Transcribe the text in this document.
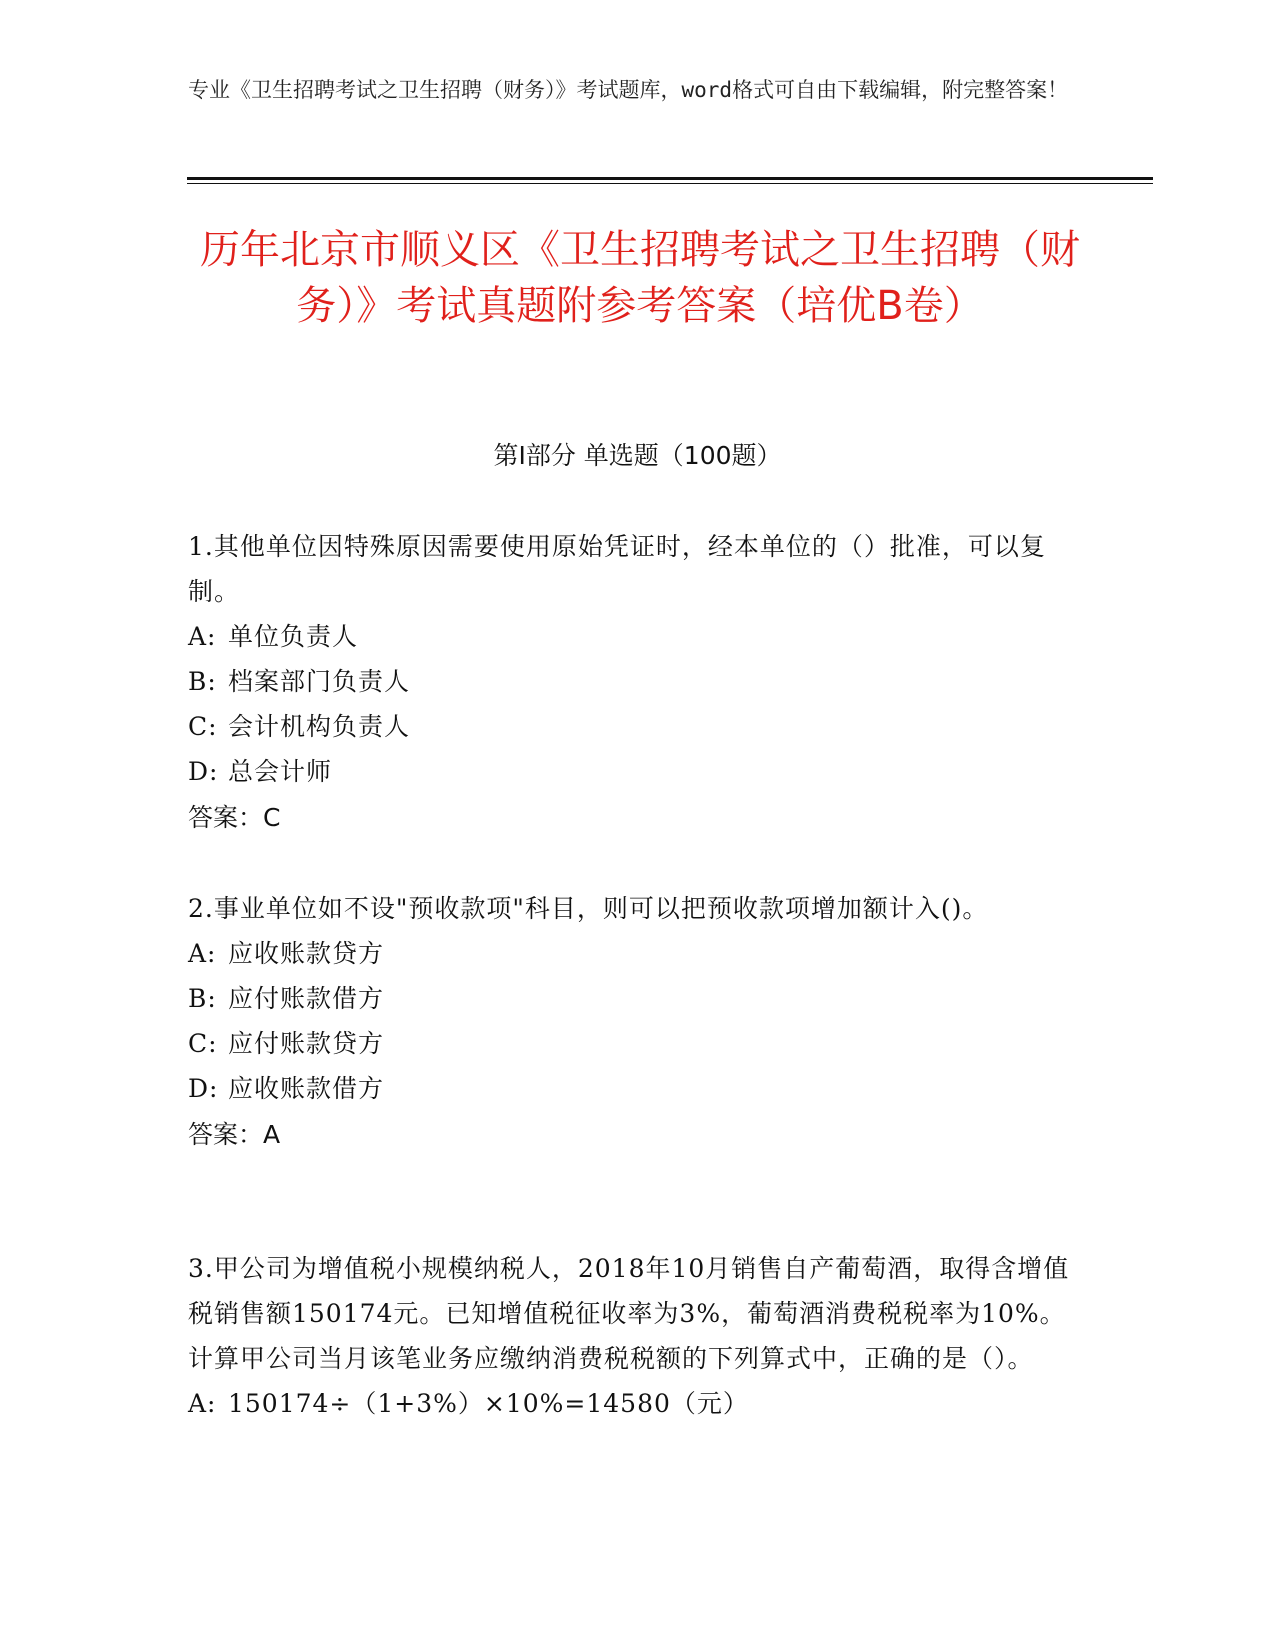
专业《卫生招聘考试之卫生招聘（财务）》考试题库，word格式可自由下载编辑，附完整答案！
历年北京市顺义区《卫生招聘考试之卫生招聘（财务）》考试真题附参考答案（培优B卷）
第I部分 单选题（100题）
1.其他单位因特殊原因需要使用原始凭证时，经本单位的（）批准，可以复制。
A: 单位负责人
B: 档案部门负责人
C: 会计机构负责人
D: 总会计师
答案：C
2.事业单位如不设"预收款项"科目，则可以把预收款项增加额计入()。
A: 应收账款贷方
B: 应付账款借方
C: 应付账款贷方
D: 应收账款借方
答案：A
3.甲公司为增值税小规模纳税人，2018年10月销售自产葡萄酒，取得含增值税销售额150174元。已知增值税征收率为3%，葡萄酒消费税税率为10%。计算甲公司当月该笔业务应缴纳消费税税额的下列算式中，正确的是（）。
A: 150174÷（1+3%）×10%=14580（元）
